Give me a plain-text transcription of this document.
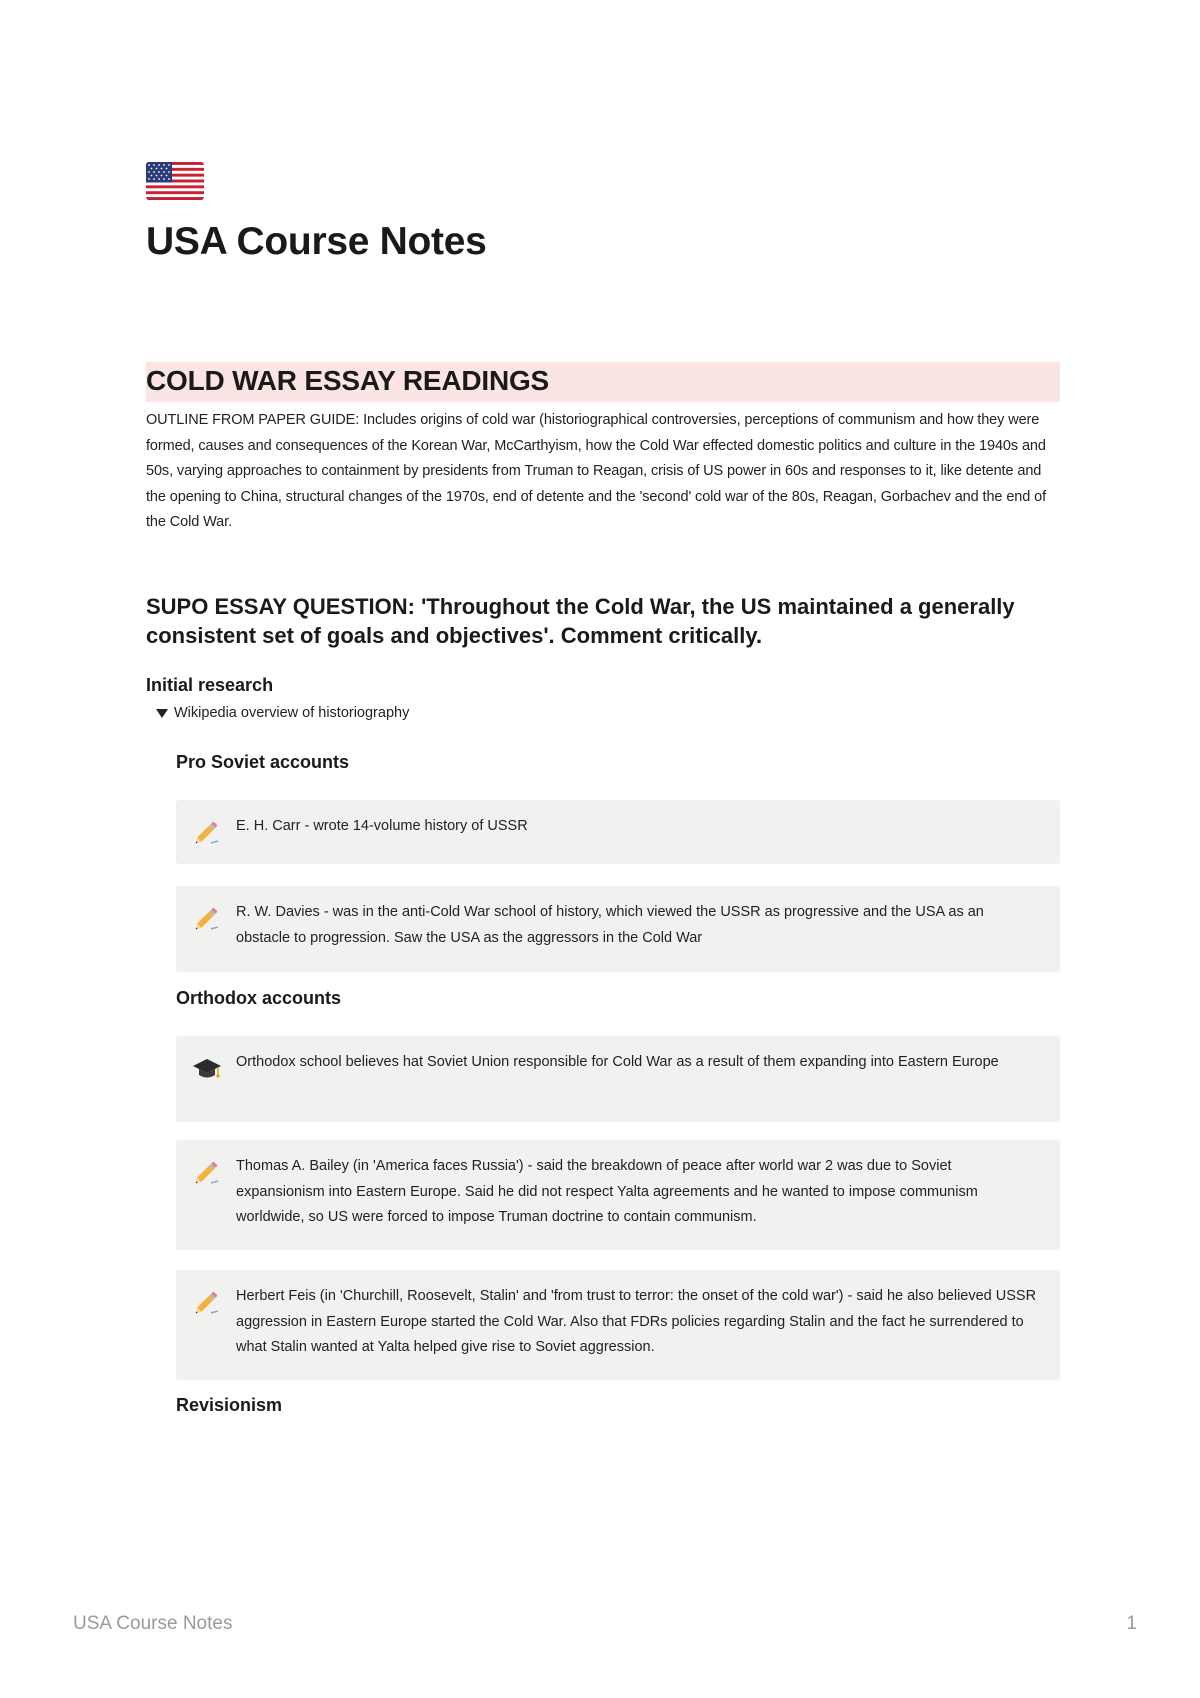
USA Course Notes
COLD WAR ESSAY READINGS

OUTLINE FROM PAPER GUIDE: Includes origins of cold war (historiographical controversies, perceptions of communism and how they were formed, causes and consequences of the Korean War, McCarthyism, how the Cold War effected domestic politics and culture in the 1940s and 50s, varying approaches to containment by presidents from Truman to Reagan, crisis of US power in 60s and responses to it, like detente and the opening to China, structural changes of the 1970s, end of detente and the 'second' cold war of the 80s, Reagan, Gorbachev and the end of the Cold War.

SUPO ESSAY QUESTION: 'Throughout the Cold War, the US maintained a generally consistent set of goals and objectives'. Comment critically.
Initial research
Wikipedia overview of historiography
Pro Soviet accounts
E. H. Carr - wrote 14-volume history of USSR
R. W. Davies - was in the anti-Cold War school of history, which viewed the USSR as progressive and the USA as an obstacle to progression. Saw the USA as the aggressors in the Cold War
Orthodox accounts
Orthodox school believes hat Soviet Union responsible for Cold War as a result of them expanding into Eastern Europe
Thomas A. Bailey (in 'America faces Russia') - said the breakdown of peace after world war 2 was due to Soviet expansionism into Eastern Europe. Said he did not respect Yalta agreements and he wanted to impose communism worldwide, so US were forced to impose Truman doctrine to contain communism.
Herbert Feis (in 'Churchill, Roosevelt, Stalin' and 'from trust to terror: the onset of the cold war') - said he also believed USSR aggression in Eastern Europe started the Cold War. Also that FDRs policies regarding Stalin and the fact he surrendered to what Stalin wanted at Yalta helped give rise to Soviet aggression.
Revisionism
USA Course Notes	1
